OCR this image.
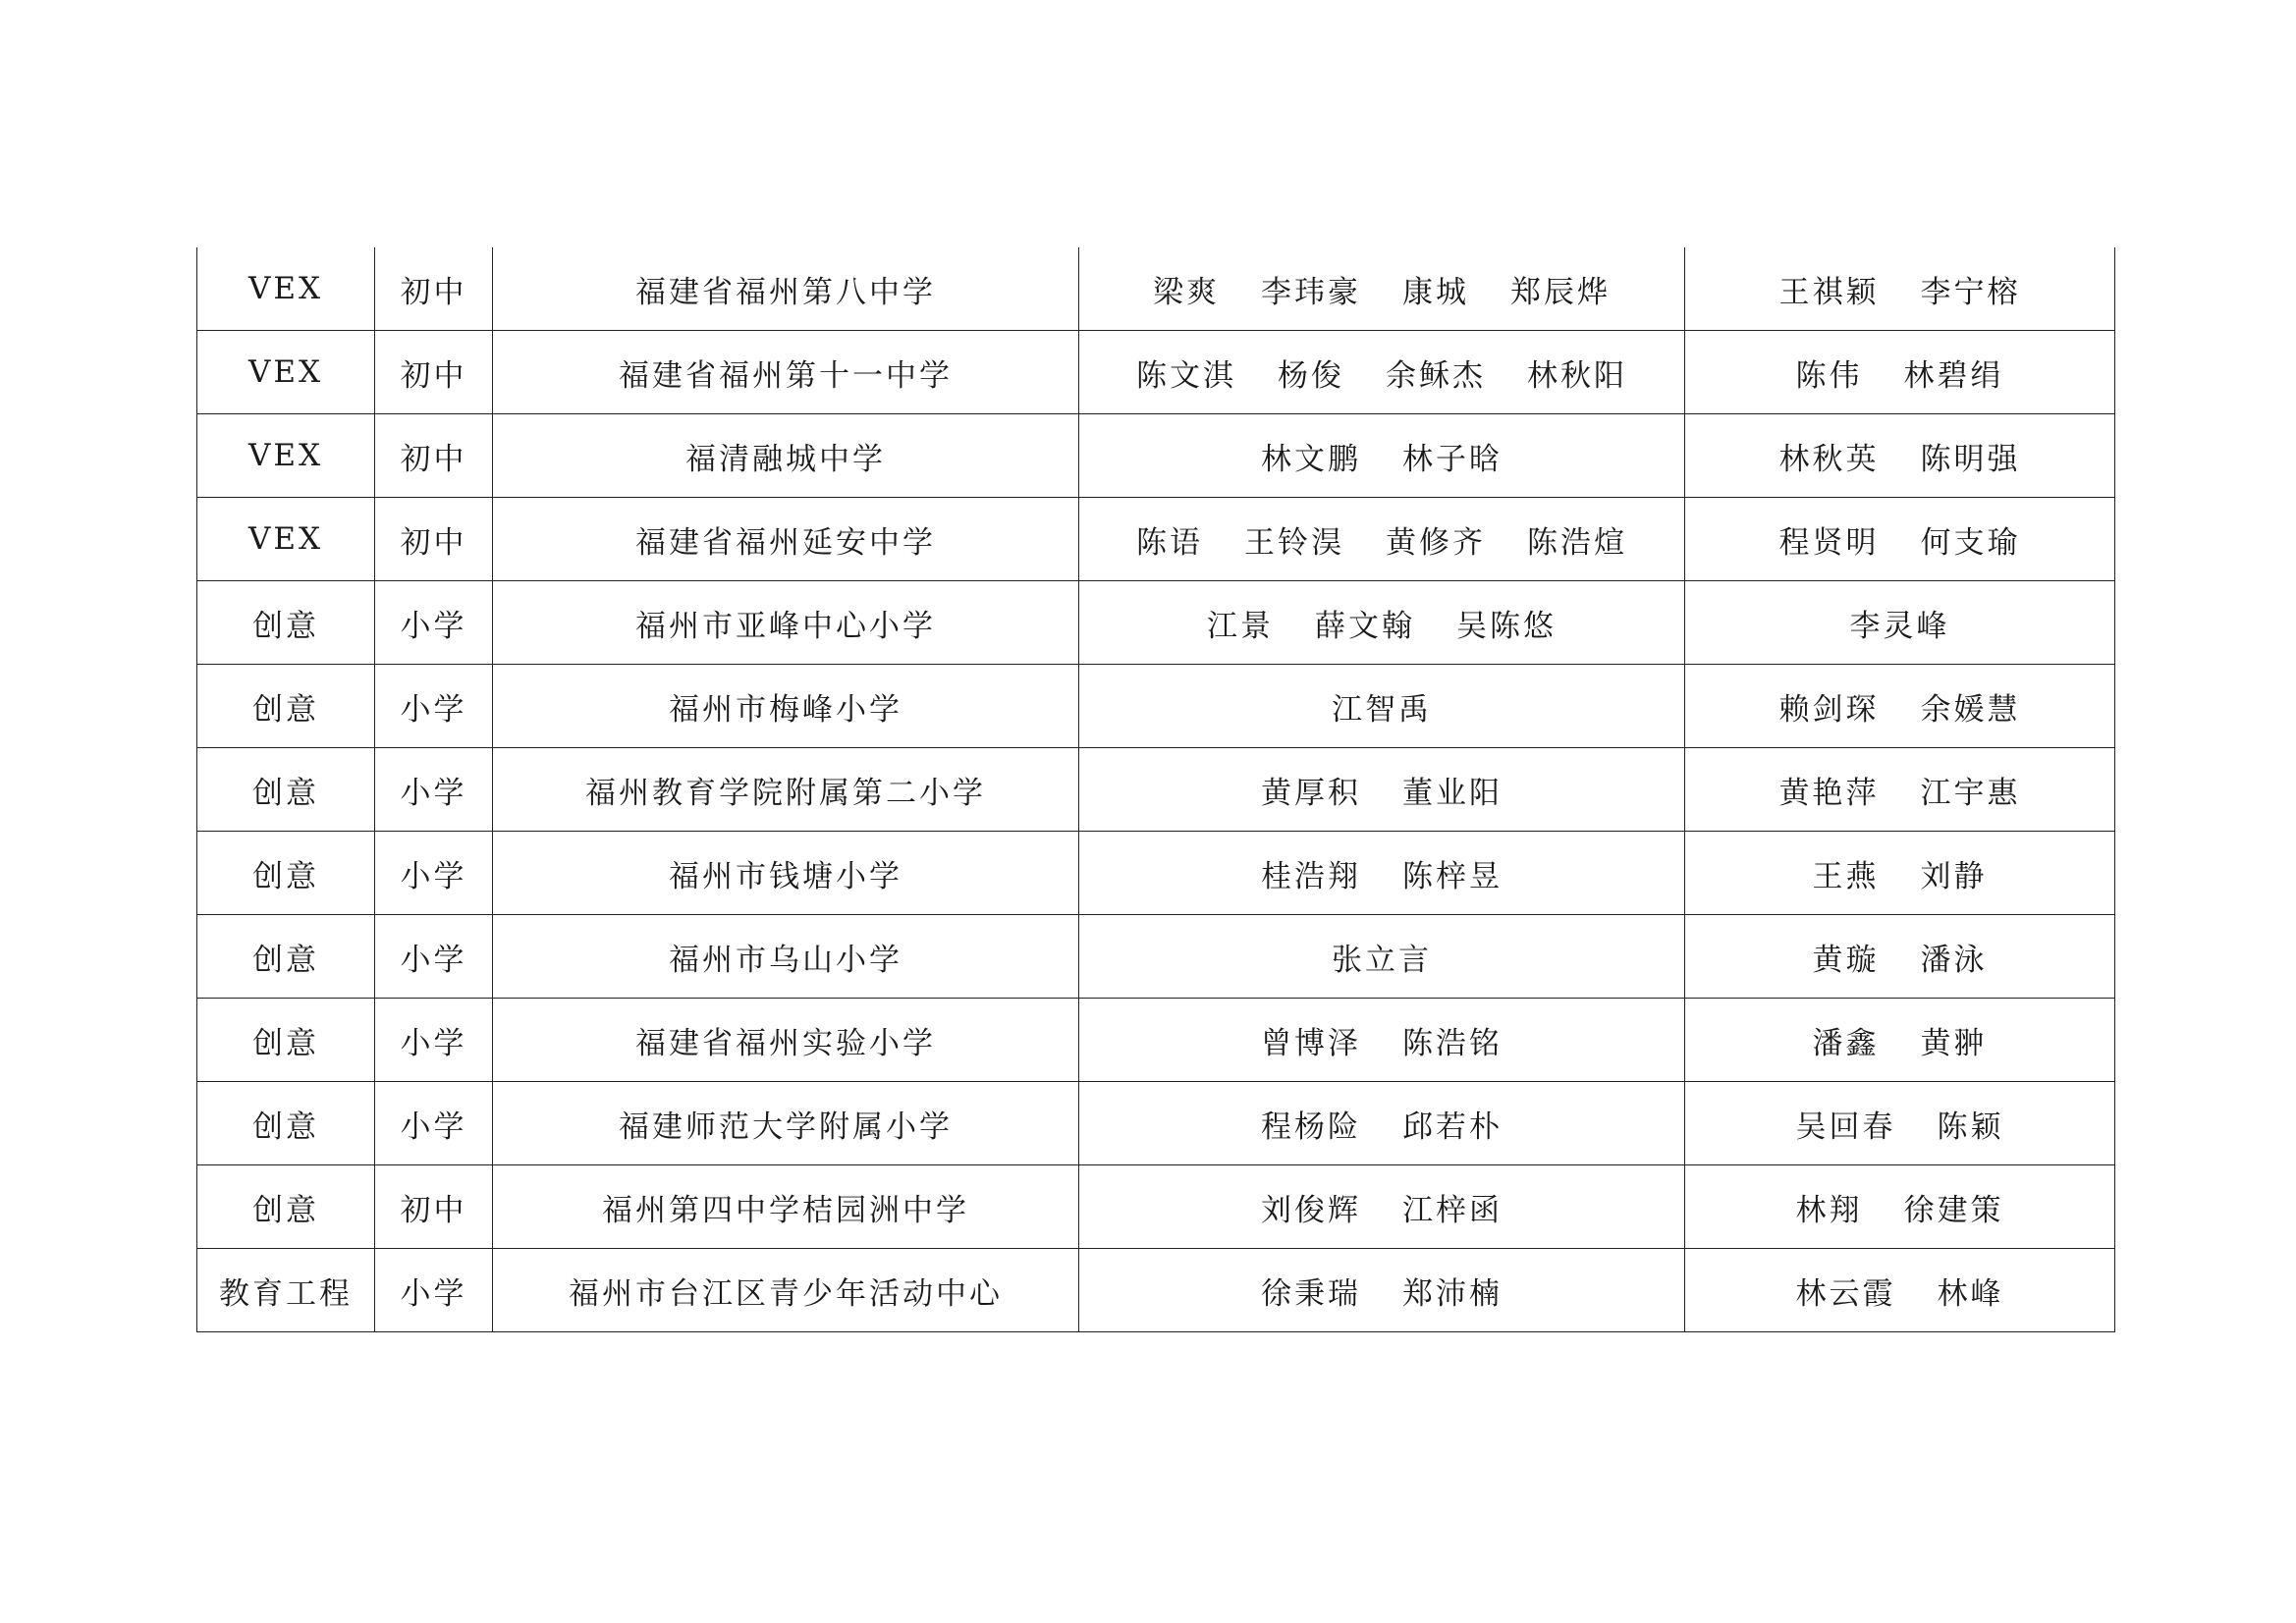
VEX	初中	福建省福州第八中学	梁爽 李玮豪 康城 郑辰烨	王祺颖 李宁榕
VEX	初中	福建省福州第十一中学	陈文淇 杨俊 余稣杰 林秋阳	陈伟 林碧绢
VEX	初中	福清融城中学	林文鹏 林子晗	林秋英 陈明强
VEX	初中	福建省福州延安中学	陈语 王铃淏 黄修齐 陈浩煊	程贤明 何支瑜
创意	小学	福州市亚峰中心小学	江景 薛文翰 吴陈悠	李灵峰
创意	小学	福州市梅峰小学	江智禹	赖剑琛 余媛慧
创意	小学	福州教育学院附属第二小学	黄厚积 董业阳	黄艳萍 江宇惠
创意	小学	福州市钱塘小学	桂浩翔 陈梓昱	王燕 刘静
创意	小学	福州市乌山小学	张立言	黄璇 潘泳
创意	小学	福建省福州实验小学	曾博泽 陈浩铭	潘鑫 黄翀
创意	小学	福建师范大学附属小学	程杨险 邱若朴	吴回春 陈颖
创意	初中	福州第四中学桔园洲中学	刘俊辉 江梓函	林翔 徐建策
教育工程	小学	福州市台江区青少年活动中心	徐秉瑞 郑沛楠	林云霞 林峰
